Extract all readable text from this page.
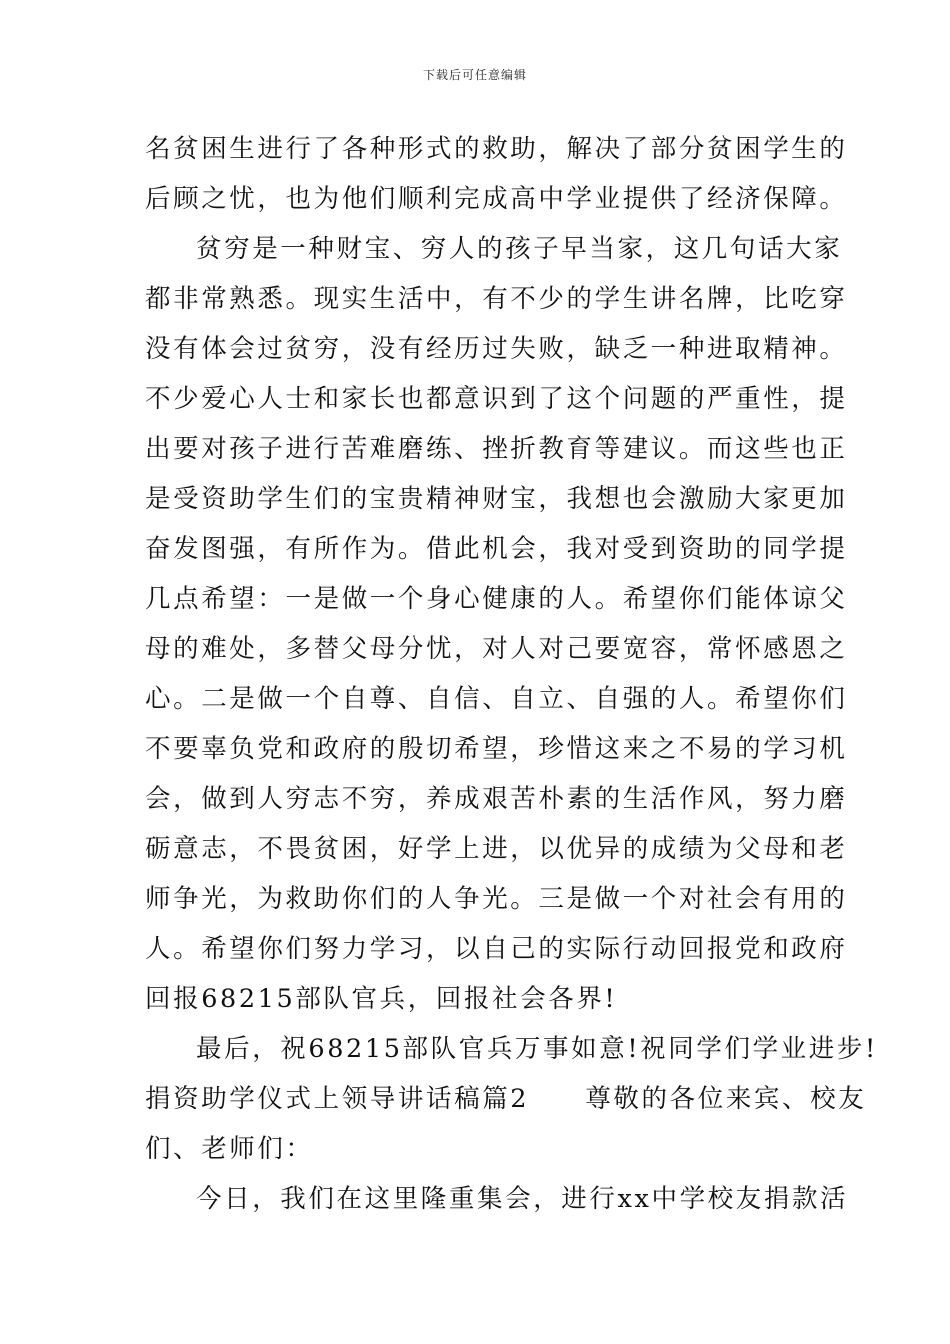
下载后可任意编辑
名贫困生进行了各种形式的救助，解决了部分贫困学生的
后顾之忧，也为他们顺利完成高中学业提供了经济保障。
贫穷是一种财宝、穷人的孩子早当家，这几句话大家
都非常熟悉。现实生活中，有不少的学生讲名牌，比吃穿
没有体会过贫穷，没有经历过失败，缺乏一种进取精神。
不少爱心人士和家长也都意识到了这个问题的严重性，提
出要对孩子进行苦难磨练、挫折教育等建议。而这些也正
是受资助学生们的宝贵精神财宝，我想也会激励大家更加
奋发图强，有所作为。借此机会，我对受到资助的同学提
几点希望：一是做一个身心健康的人。希望你们能体谅父
母的难处，多替父母分忧，对人对己要宽容，常怀感恩之
心。二是做一个自尊、自信、自立、自强的人。希望你们
不要辜负党和政府的殷切希望，珍惜这来之不易的学习机
会，做到人穷志不穷，养成艰苦朴素的生活作风，努力磨
砺意志，不畏贫困，好学上进，以优异的成绩为父母和老
师争光，为救助你们的人争光。三是做一个对社会有用的
人。希望你们努力学习，以自己的实际行动回报党和政府
回报68215部队官兵，回报社会各界!
最后，祝68215部队官兵万事如意!祝同学们学业进步!
捐资助学仪式上领导讲话稿篇2　　尊敬的各位来宾、校友
们、老师们：
今日，我们在这里隆重集会，进行xx中学校友捐款活
